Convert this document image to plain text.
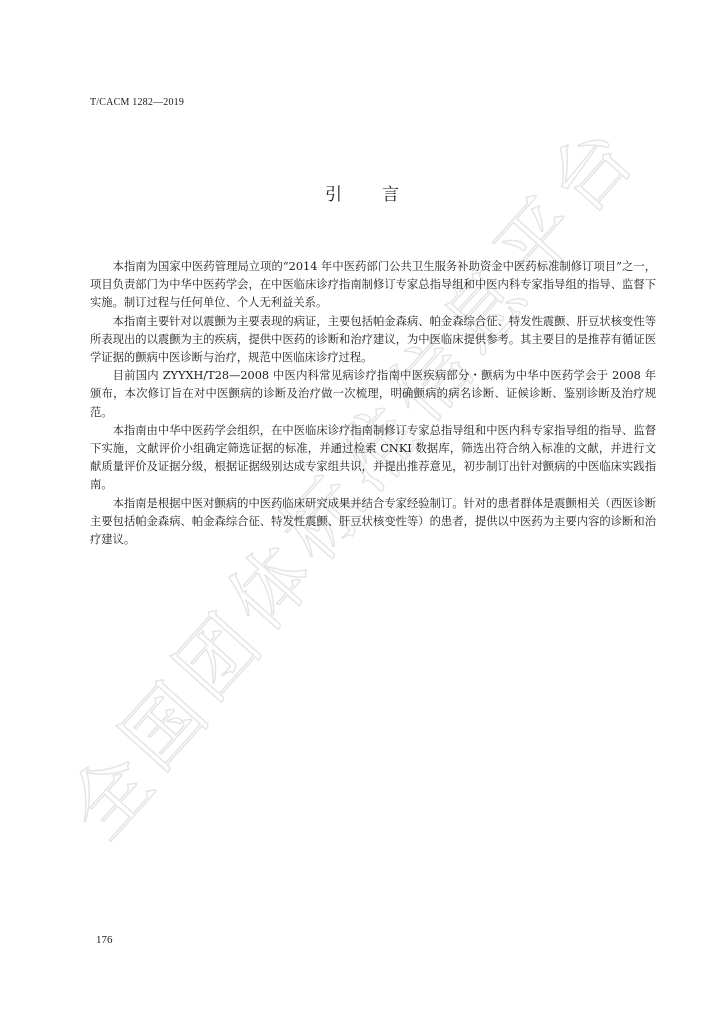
全
国
团
体
标
准
信
息
平
台
T/CACM 1282—2019
引言

本指南为国家中医药管理局立项的“2014 年中医药部门公共卫生服务补助资金中医药标准制修订项目”之一，项目负责部门为中华中医药学会，在中医临床诊疗指南制修订专家总指导组和中医内科专家指导组的指导、监督下实施。制订过程与任何单位、个人无利益关系。

本指南主要针对以震颤为主要表现的病证，主要包括帕金森病、帕金森综合征、特发性震颤、肝豆状核变性等所表现出的以震颤为主的疾病，提供中医药的诊断和治疗建议，为中医临床提供参考。其主要目的是推荐有循证医学证据的颤病中医诊断与治疗，规范中医临床诊疗过程。

目前国内 ZYYXH/T28—2008 中医内科常见病诊疗指南中医疾病部分・颤病为中华中医药学会于 2008 年颁布，本次修订旨在对中医颤病的诊断及治疗做一次梳理，明确颤病的病名诊断、证候诊断、鉴别诊断及治疗规范。

本指南由中华中医药学会组织，在中医临床诊疗指南制修订专家总指导组和中医内科专家指导组的指导、监督下实施，文献评价小组确定筛选证据的标准，并通过检索 CNKI 数据库，筛选出符合纳入标准的文献，并进行文献质量评价及证据分级，根据证据级别达成专家组共识，并提出推荐意见，初步制订出针对颤病的中医临床实践指南。

本指南是根据中医对颤病的中医药临床研究成果并结合专家经验制订。针对的患者群体是震颤相关（西医诊断主要包括帕金森病、帕金森综合征、特发性震颤、肝豆状核变性等）的患者，提供以中医药为主要内容的诊断和治疗建议。

176
